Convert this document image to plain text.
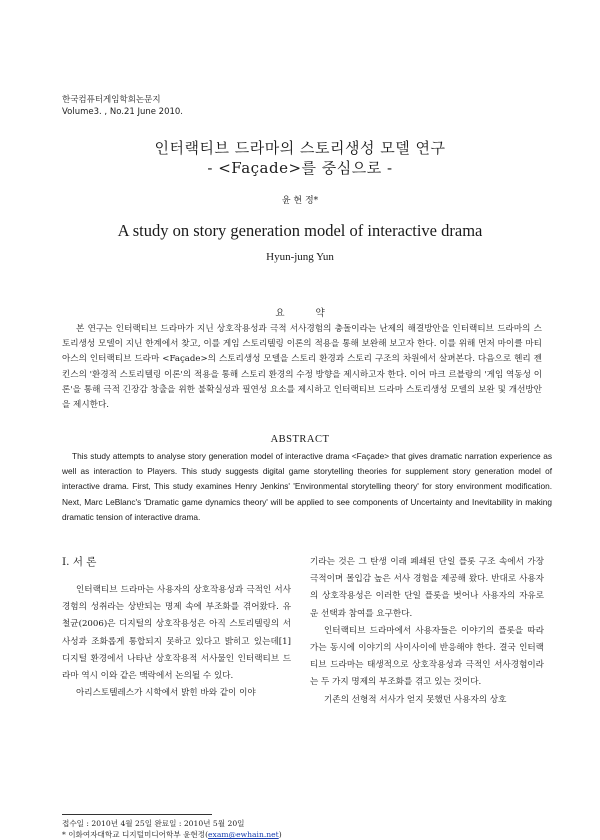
한국컴퓨터게임학회논문지
Volume3. , No.21 June 2010.
인터랙티브 드라마의 스토리생성 모델 연구
- <Façade>를 중심으로 -
윤 현 정*
A study on story generation model of interactive drama
Hyun-jung Yun
요 약

본 연구는 인터랙티브 드라마가 지닌 상호작용성과 극적 서사경험의 충돌이라는 난제의 해결방안을 인터랙티브 드라마의 스토리생성 모델이 지닌 한계에서 찾고, 이를 게임 스토리텔링 이론의 적용을 통해 보완해 보고자 한다. 이를 위해 먼저 마이클 마티아스의 인터랙티브 드라마 <Façade>의 스토리생성 모델을 스토리 환경과 스토리 구조의 차원에서 살펴본다. 다음으로 헨리 젠킨스의 '환경적 스토리텔링 이론'의 적용을 통해 스토리 환경의 수정 방향을 제시하고자 한다. 이어 마크 르블랑의 '게임 역동성 이론'을 통해 극적 긴장감 창출을 위한 불확실성과 필연성 요소를 제시하고 인터랙티브 드라마 스토리생성 모델의 보완 및 개선방안을 제시한다.

ABSTRACT

This study attempts to analyse story generation model of interactive drama <Façade> that gives dramatic narration experience as well as interaction to Players. This study suggests digital game storytelling theories for supplement story generation model of interactive drama. First, This study examines Henry Jenkins' 'Environmental storytelling theory' for story environment modification. Next, Marc LeBlanc's 'Dramatic game dynamics theory' will be applied to see components of Uncertainty and Inevitability in making dramatic tension of interactive drama.

I. 서 론

인터랙티브 드라마는 사용자의 상호작용성과 극적인 서사경험의 성취라는 상반되는 명제 속에 부조화를 겪어왔다. 유철균(2006)은 디지털의 상호작용성은 아직 스토리텔링의 서사성과 조화롭게 통합되지 못하고 있다고 밝히고 있는데[1] 디지털 환경에서 나타난 상호작용적 서사물인 인터랙티브 드라마 역시 이와 같은 맥락에서 논의될 수 있다.

아리스토텔레스가 시학에서 밝힌 바와 같이 이야

기라는 것은 그 탄생 이래 폐쇄된 단일 플롯 구조 속에서 가장 극적이며 몰입감 높은 서사 경험을 제공해 왔다. 반대로 사용자의 상호작용성은 이러한 단일 플롯을 벗어나 사용자의 자유로운 선택과 참여를 요구한다.

인터랙티브 드라마에서 사용자들은 이야기의 플롯을 따라가는 동시에 이야기의 사이사이에 반응해야 한다. 결국 인터랙티브 드라마는 태생적으로 상호작용성과 극적인 서사경험이라는 두 가지 명제의 부조화를 겪고 있는 것이다.

기존의 선형적 서사가 얻지 못했던 사용자의 상호

접수일 : 2010년 4월 25일 완료일 : 2010년 5월 20일
* 이화여자대학교 디지털미디어학부 윤현정(exam@ewhain.net)
